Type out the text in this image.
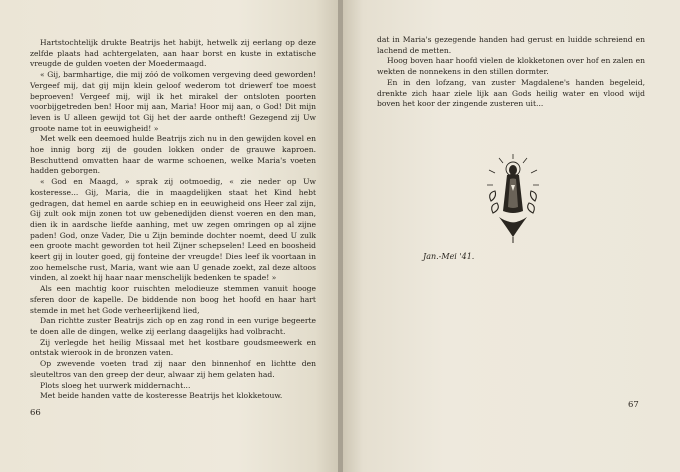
Hartstochtelijk drukte Beatrijs het habijt, hetwelk zij eerlang op deze zelfde plaats had achtergelaten, aan haar borst en kuste in extatische vreugde de gulden voeten der Moedermaagd.

« Gij, barmhartige, die mij zóó de volkomen vergeving deed geworden! Vergeef mij, dat gij mijn klein geloof wederom tot driewerf toe moest beproeven! Vergeef mij, wijl ik het mirakel der ontsloten poorten voorbijgetreden ben! Hoor mij aan, Maria! Hoor mij aan, o God! Dit mijn leven is U alleen gewijd tot Gij het der aarde ontheft! Gezegend zij Uw groote name tot in eeuwigheid! »

Met welk een deemoed hulde Beatrijs zich nu in den gewijden kovel en hoe innig borg zij de gouden lokken onder de grauwe kaproen. Beschuttend omvatten haar de warme schoenen, welke Maria's voeten hadden geborgen.

« God en Maagd, » sprak zij ootmoedig, « zie neder op Uw kosteresse... Gij, Maria, die in maagdelijken staat het Kind hebt gedragen, dat hemel en aarde schiep en in eeuwigheid ons Heer zal zijn, Gij zult ook mijn zonen tot uw gebenedijden dienst voeren en den man, dien ik in aardsche liefde aanhing, met uw zegen omringen op al zijne paden! God, onze Vader, Die u Zijn beminde dochter noemt, deed U zulk een groote macht geworden tot heil Zijner schepselen! Leed en boosheid keert gij in louter goed, gij fonteine der vreugde! Dies leef ik voortaan in zoo hemelsche rust, Maria, want wie aan U genade zoekt, zal deze altoos vinden, al zoekt hij haar naar menschelijk bedenken te spade! »

Als een machtig koor ruischten melodieuze stemmen vanuit hooge sferen door de kapelle. De biddende non boog het hoofd en haar hart stemde in met het Gode verheerlijkend lied,

Dan richtte zuster Beatrijs zich op en zag rond in een vurige begeerte te doen alle de dingen, welke zij eerlang daagelijks had volbracht.

Zij verlegde het heilig Missaal met het kostbare goudsmeewerk en ontstak wierook in de bronzen vaten.

Op zwevende voeten trad zij naar den binnenhof en lichtte den sleuteltros van den greep der deur, alwaar zij hem gelaten had.

Plots sloeg het uurwerk middernacht...

Met beide handen vatte de kosteresse Beatrijs het klokketouw.

66

dat in Maria's gezegende handen had gerust en luidde schreiend en lachend de metten.

Hoog boven haar hoofd vielen de klokketonen over hof en zalen en wekten de nonnekens in den stillen dormter.

En in den lofzang, van zuster Magdalene's handen begeleid, drenkte zich haar ziele lijk aan Gods heilig water en vlood wijd boven het koor der zingende zusteren uit...

Jan.-Mei '41.
67
